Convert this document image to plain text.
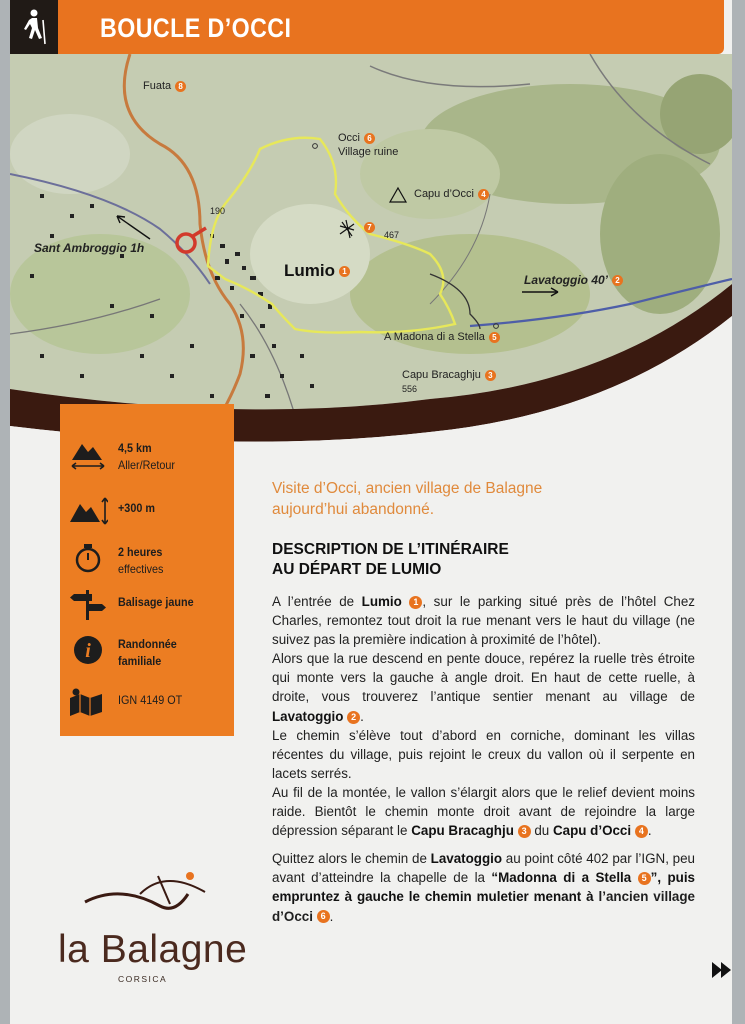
BOUCLE D’OCCI
Fuata 8
Occi 6
Village ruine
Capu d’Occi 4
190
7
467
Sant Ambroggio 1h
Lumio 1
Lavatoggio 40’ 2
A Madona di a Stella 5
Capu Bracaghju 3
556
4,5 km
Aller/Retour
+300 m
2 heures
effectives
Balisage jaune
i Randonnée
familiale
IGN 4149 OT
Visite d’Occi, ancien village de Balagne
aujourd’hui abandonné.
DESCRIPTION DE L’ITINÉRAIRE
AU DÉPART DE LUMIO

A l’entrée de Lumio 1 , sur le parking situé près de l’hôtel Chez Charles, remontez tout droit la rue menant vers le haut du village (ne suivez pas la première indication à proximité de l’hôtel).

Alors que la rue descend en pente douce, repérez la ruelle très étroite qui monte vers la gauche à angle droit. En haut de cette ruelle, à droite, vous trouverez l’antique sentier menant au village de Lavatoggio 2 .

Le chemin s’élève tout d’abord en corniche, dominant les villas récentes du village, puis rejoint le creux du vallon où il serpente en lacets serrés.

Au fil de la montée, le vallon s’élargit alors que le relief devient moins raide. Bientôt le chemin monte droit avant de rejoindre la large dépression séparant le Capu Bracaghju 3 du Capu d’Occi 4 .

Quittez alors le chemin de Lavatoggio au point côté 402 par l’IGN, peu avant d’atteindre la chapelle de la “Madonna di a Stella 5 ”, puis empruntez à gauche le chemin muletier menant à l’ancien village d’Occi 6 .

la Balagne
CORSICA
